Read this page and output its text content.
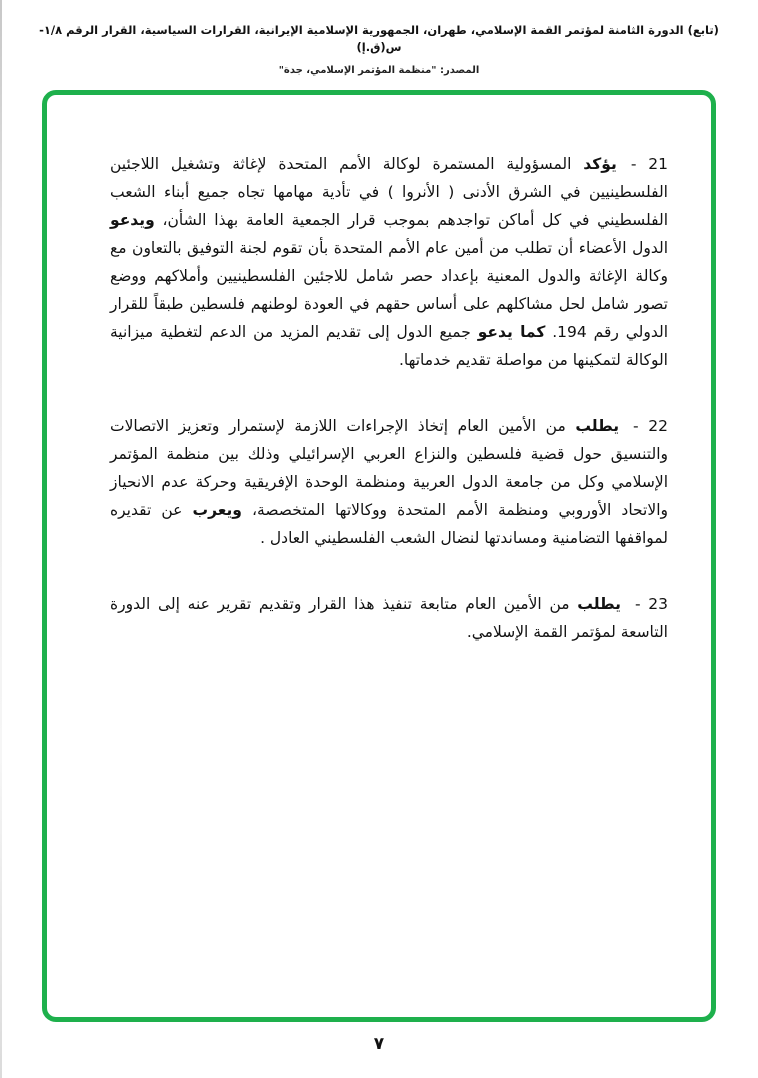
(تابع) الدورة الثامنة لمؤتمر القمة الإسلامي، طهران، الجمهورية الإسلامية الإيرانية، القرارات السياسية، القرار الرقم ١/٨-س(ق.إ)
المصدر: "منظمة المؤتمر الإسلامي، جدة"

21 -يؤكد المسؤولية المستمرة لوكالة الأمم المتحدة لإغاثة وتشغيل اللاجئين الفلسطينيين في الشرق الأدنى ( الأنروا ) في تأدية مهامها تجاه جميع أبناء الشعب الفلسطيني في كل أماكن تواجدهم بموجب قرار الجمعية العامة بهذا الشأن، ويدعو الدول الأعضاء أن تطلب من أمين عام الأمم المتحدة بأن تقوم لجنة التوفيق بالتعاون مع وكالة الإغاثة والدول المعنية بإعداد حصر شامل للاجئين الفلسطينيين وأملاكهم ووضع تصور شامل لحل مشاكلهم على أساس حقهم في العودة لوطنهم فلسطين طبقاً للقرار الدولي رقم 194. كما يدعو جميع الدول إلى تقديم المزيد من الدعم لتغطية ميزانية الوكالة لتمكينها من مواصلة تقديم خدماتها.

22 -يطلب من الأمين العام إتخاذ الإجراءات اللازمة لإستمرار وتعزيز الاتصالات والتنسيق حول قضية فلسطين والنزاع العربي الإسرائيلي وذلك بين منظمة المؤتمر الإسلامي وكل من جامعة الدول العربية ومنظمة الوحدة الإفريقية وحركة عدم الانحياز والاتحاد الأوروبي ومنظمة الأمم المتحدة ووكالاتها المتخصصة، ويعرب عن تقديره لمواقفها التضامنية ومساندتها لنضال الشعب الفلسطيني العادل .

23 -يطلب من الأمين العام متابعة تنفيذ هذا القرار وتقديم تقرير عنه إلى الدورة التاسعة لمؤتمر القمة الإسلامي.

٧
